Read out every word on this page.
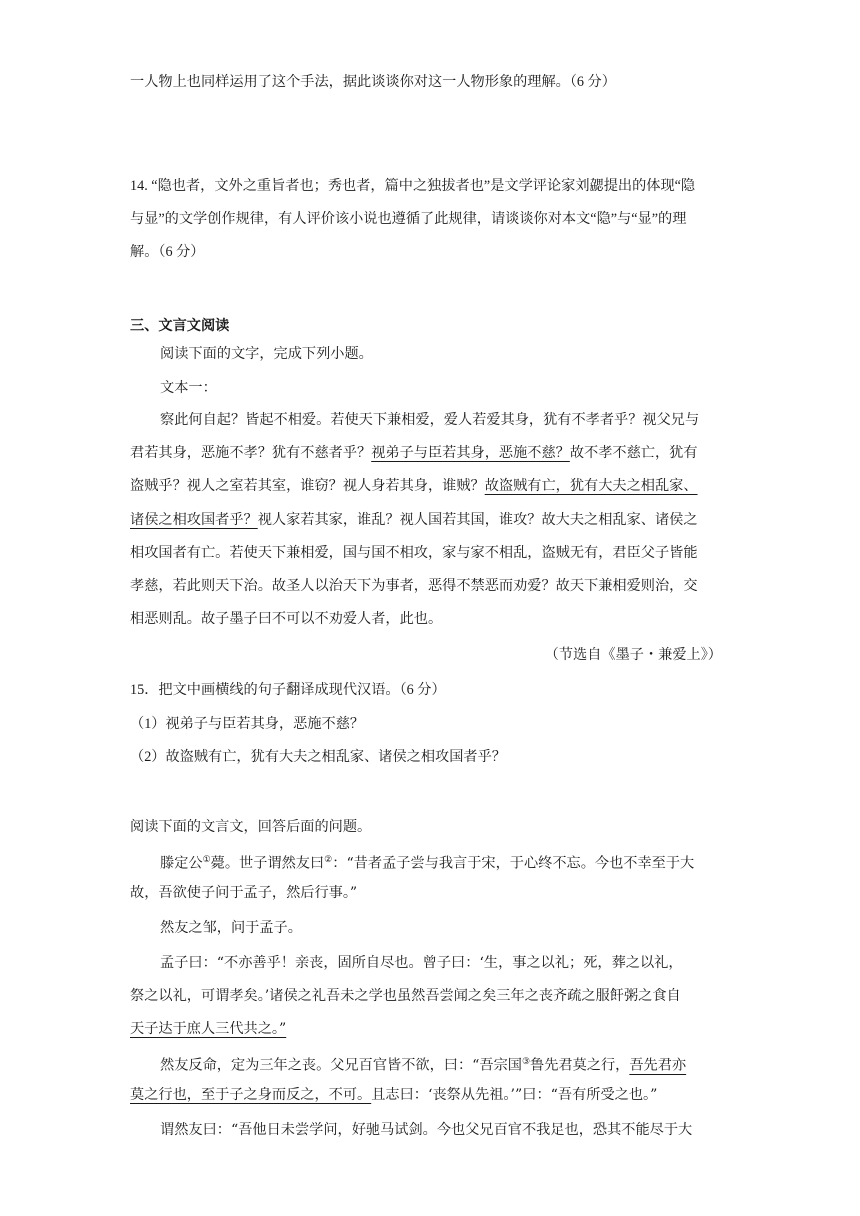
一人物上也同样运用了这个手法，据此谈谈你对这一人物形象的理解。（6 分）
14. “隐也者，文外之重旨者也；秀也者，篇中之独拔者也”是文学评论家刘勰提出的体现“隐
与显”的文学创作规律，有人评价该小说也遵循了此规律，请谈谈你对本文“隐”与“显”的理
解。（6 分）
三、文言文阅读
阅读下面的文字，完成下列小题。
文本一：
察此何自起？皆起不相爱。若使天下兼相爱，爱人若爱其身，犹有不孝者乎？视父兄与
君若其身，恶施不孝？犹有不慈者乎？视弟子与臣若其身，恶施不慈？故不孝不慈亡，犹有
盗贼乎？视人之室若其室，谁窃？视人身若其身，谁贼？故盗贼有亡，犹有大夫之相乱家、
诸侯之相攻国者乎？视人家若其家，谁乱？视人国若其国，谁攻？故大夫之相乱家、诸侯之
相攻国者有亡。若使天下兼相爱，国与国不相攻，家与家不相乱，盗贼无有，君臣父子皆能
孝慈，若此则天下治。故圣人以治天下为事者，恶得不禁恶而劝爱？故天下兼相爱则治，交
相恶则乱。故子墨子曰不可以不劝爱人者，此也。
（节选自《墨子・兼爱上》）
15．把文中画横线的句子翻译成现代汉语。（6 分）
（1）视弟子与臣若其身，恶施不慈？
（2）故盗贼有亡，犹有大夫之相乱家、诸侯之相攻国者乎？
阅读下面的文言文，回答后面的问题。
滕定公①薨。世子谓然友曰②：“昔者孟子尝与我言于宋，于心终不忘。今也不幸至于大
故，吾欲使子问于孟子，然后行事。”
然友之邹，问于孟子。
孟子曰：“不亦善乎！亲丧，固所自尽也。曾子曰：‘生，事之以礼；死，葬之以礼，
祭之以礼，可谓孝矣。’诸侯之礼吾未之学也虽然吾尝闻之矣三年之丧齐疏之服飦粥之食自
天子达于庶人三代共之。”
然友反命，定为三年之丧。父兄百官皆不欲，曰：“吾宗国③鲁先君莫之行，吾先君亦
莫之行也，至于子之身而反之，不可。且志曰：‘丧祭从先祖。’”曰：“吾有所受之也。”
谓然友曰：“吾他日未尝学问，好驰马试剑。今也父兄百官不我足也，恐其不能尽于大
